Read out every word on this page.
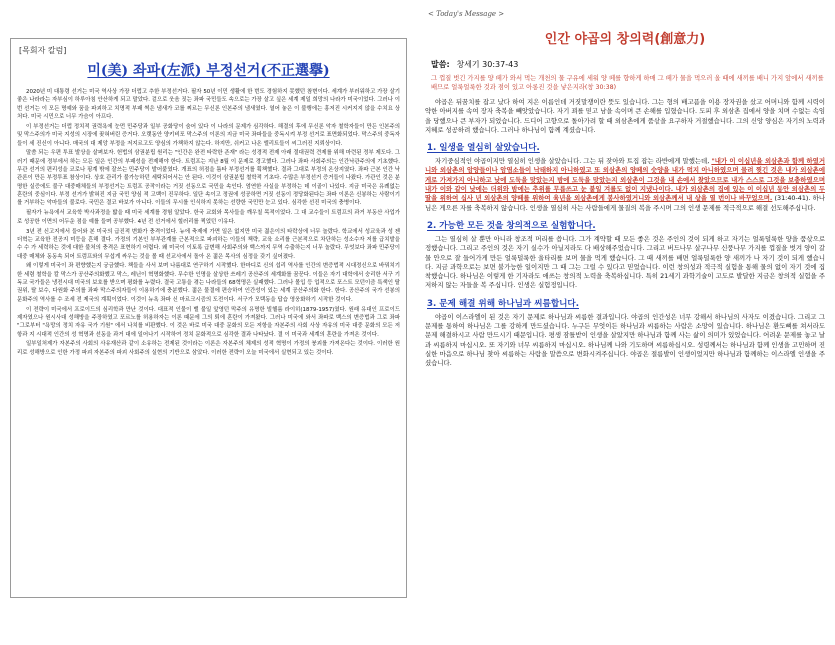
[목회자 칼럼]
미(美) 좌파(左派) 부정선거(不正選擧)

2020년 미 대통령 선거는 미국 역사상 가장 더럽고 추한 부정선거다. 필자 50년 이민 생활에 한 번도 경험하지 못했던 참변이다. 세계가 부러워하고 가장 살기 좋은 나라라는 자부심이 하루아침 안산하게 되고 말았다. 겉으로 웃음 짓는 좌파 국민들도 속으로는 가장 살고 싶은 세계 제일 희망의 나라가 미국이었다. 그러나 이번 선거는 이 모든 명예와 꿈을 파괴하고 치명적 부패 썩은 냄새가 코를 찌르는 무신론 인본주의 냄새였다. 열어 놓은 이 불행에는 흥저진 시커지지 않을 수치요 상처다. 미국 시민으로 너무 가슴이 아프다.

이 부정선거는 더럽 정치적 권력욕에 눈먼 민주당과 일부 공화당이 숨어 있다 이 나라의 문제가 심각하다. 해결의 후에 무신론 악자 철학자들이 만든 인본주의 및 막스주의가 미국 지성의 시장에 꽂혀버린 증거다. 오랫동안 양키비포 막스주의 이론의 지금 미국 좌파들을 중독시켜 부정 선거로 표면화되었다. 막스주의 중독자들이 세 진신이 아니다. 매국의 대 제앙 부정을 저지르고도 양심의 가책하지 않는다. 하지만, 쉬커고 나온 엘리트들이 씨그러진 지뢰상이다.

말씀 되는 우편 투표 발상을 살펴보자. 헌법의 삼권분립 원리는 "인간은 완전 타락한 존재" 라는 성경적 전제 아래 절대권력 견제를 위해 마련된 정부 제도다. 그러기 때문에 정부에서 하는 모든 일은 인간의 부패성을 전제해야 한다. 트럼프는 지난 8월 이 문제로 경고했다. 그러나 좌파 사회주의는 인간낙관주의에 기초했다. 무관 선거의 편리성을 코로나 핑계 밖에 잘쓰는 민주당이 발어붙였다. 개표의 허점을 틈타 부정선거를 획책했다. 결과 그대로 부정의 온상지였다. 좌파 근본 인간 낙관론이 만든 부정투표 참상이다. 상호 관리가 불가능하던 세탁되어서는 안 된다. 이것이 삼권분립 철학적 기초다. 수많은 부정선거 증거들이 나왔다. 가관인 것은 분명한 실증에도 불구 대중매체들의 부정선거는 트럼프 공작이라는 거짓 선동으로 국민을 속인다. 엄연한 사실을 부정하는 데 이골이 나있다. 지금 미국은 유례없는 혼란의 중심이다. 부정 선거가 밝혀진 지금 국민 양심 적 고백이 진무하다. 일단 속이고 정권에 성공하면 거짓 선동이 정당화된다는 좌파 이론은 신봉하는 사람이기를 거부하는 악마들의 불로다. 국민은 결코 바보가 아니다. 이들의 무시를 인식하지 못하는 선량한 국민만 눈고 있다. 심각한 선진 미국의 충병이다.

필자가 뉴욕에서 교육학 박사과정을 밟을 때 미국 세계를 경험 알았다. 한국 교회와 목사들을 깨우칠 목적이었다. 그 대 교수들이 트럼프의 과거 부동산 사업가로 성공한 이면의 어두운 점을 예를 들며 공부했다. 4년 전 선거에서 힐러리를 찍었던 이유다.

3년 전 신고지에서 들어와 본 미국의 급진적 변화가 충격이었다. 뉴에 축제에 가면 일은 없지만 미국 젊은이의 타락상에 너무 놀랐다. 학교에서 성교육과 성 젠더혁는 교육한 전공지 미등을 흔해 결다. 가정의 기본인 부부관계를 근본적으로 파괴하는 이들의 책략, 교육 소리를 근본적으로 차단하는 성소수자 저를 급치발을 수 수 가 세력하는 것에 대한 불처의 충격은 표현하기 어렵다. 왜 미국이 이토록 급변해 사회주의와 백스까지 무역 수출하는지 너무 놀랐다. 무엇보다 좌파 민주당이 대중 매체와 동동속 되어 트럼프와의 무섭게 싸우는 것을 볼 때 선교사에서 돌아 온 젊은 목사의 심정을 갖기 싶어졌다.

왜 이렇게 미국이 좌 편향했는지 궁금했다. 책들을 사서 보며 나름대로 연구하기 시작했다. 한마디로 신의 섭리 역사를 인간의 변증법적 시대정신으로 바꿔치기한 세렴 철학을 칼 막스가 공산주의화했고 막스, 레닌이 혁명화했다. 무수한 인명을 살상한 쓰레기 공산주의 세계화를 꿈꾼다. 이들은 자기 대학에서 숭리한 서구 기독교 국가들은 냉전시대 미국의 보호를 받으며 평화를 누렸다. 결국 고통을 겪는 나라들의 68혁명은 실패했다. 그러나 몰입 등 업적으로 포스트 모던이즘 특색인 탈 권위, 탈 보수, 다원화 주의를 좌파 막스주의자들이 이용하기에 충분했다. 젊은 물결에 편승하여 인간성이 있는 세계 공산주의화 한다. 한다. 공산주의 국가 선봉의 문화주의 역사를 수 조세 전 제국의 계획이었다. 이것이 뉴욕 좌파 신 마르크시즘의 도전이다. 서구가 모택동을 답습 영웅화하기 시작한 것이다.

이 전략이 미국에서 프로이드의 심리학과 만난 것이다. 대표적 인물이 밸 불일 앞영던 막주의 유명한 빌헬름 라이히(1879-1957)였다. 원래 유대인 프로이드 제자였으나 원시사대 성해방을 주장하였고 포르노를 허용하자는 이론 때문에 그의 퇴에 혼란이 가져왔다. 그러나 미국에 와서 좌파로 백스의 변증법과 그로 좌파 "그로부터 "욕망의 정치 자유 국가 기원" 에서 나치를 비판했다. 이 것은 바로 미국 대중 문화의 모든 저항을 자본주의 사회 사상 자유의 미국 대중 문화의 모든 저항과 지 시대적 인간의 성 혁명과 선동을 과거 대에 일어나기 시작하여 정치 문화적으로 심각한 결과 나타났다. 결 이 미국과 세계의 혼란을 가져온 것이다.

일부일처제가 자본주의 사회의 사유재산과 같이 소유하는 전제된 것이라는 이론은 자본주의 체제의 성적 혁명이 가정의 붕괴를 가져온다는 것이다. 이러한 원리로 성해방으로 인한 가정 파괴 자본주의 파괴 사회주의 실현의 기반으로 삼았다. 이러한 전략이 오늘 미국에서 실현되고 있는 것이다.

< Today's Message >
인간 야곱의 창의력(創意力)
말씀: 창세기 30:37-43
그 껍질 벗긴 가지를 양 떼가 와서 먹는 개천의 물 구유에 세워 양 떼를 향하게 하매 그 떼가 물을 먹으러 올 때에 새끼를 배니 가지 앞에서 새끼를 배므로 얼룩얼룩한 것과 점이 있고 아롱진 것을 낳은지라(창 30:38)

야곱은 뒤꿈치를 잡고 났다 하여 지은 이름인데 거짓말쟁이란 뜻도 있습니다. 그는 형의 배고픔을 이용 장자권을 샀고 어머니와 함께 시력이 약한 아버지를 속여 장자 축복을 빼앗았습니다. 자기 꾀를 믿고 남을 속이며 큰 손해를 입혔습니다. 도피 후 외삼촌 집에서 양을 치며 수없는 속임을 당했으나 큰 부자가 되었습니다. 드디어 고향으로 돌아가려 할 때 외삼촌에게 품삯을 요구하자 거절했습니다. 그의 신앙 양심은 자기의 노력과 지혜로 성공하려 했습니다. 그러나 하나님이 함께 계셨습니다.

1. 일생을 열심히 살았습니다.

자기중심적인 야곱이지만 열심히 인생을 살았습니다. 그는 뒤 잦아와 트집 잡는 라반에게 말했는데, "내가 이 이십년을 외삼촌과 함께 하였거니와 외삼촌의 암양들이나 암염소들이 낙태하지 아니하였고 또 외삼촌의 양떼의 숫양을 내가 먹지 아니하였으며 물려 찢긴 것은 내가 외삼촌에게로 가져가지 아니하고 낮에 도둑을 맞았는지 밤에 도둑을 맞았는지 외삼촌이 그것을 내 손에서 찾았으므로 내가 스스로 그것을 보충하였으며 내가 이와 같이 낮에는 더위와 밤에는 추위를 무릅쓰고 눈 붙일 겨를도 없이 지냈나이다. 내가 외삼촌의 집에 있는 이 이십년 동안 외삼촌의 두 딸을 위하여 십사 년 외삼촌의 양떼를 위하여 육년을 외삼촌에게 봉사하였거니와 외삼촌께서 내 삯을 열 번이나 바꾸었으며. (31:40-41). 하나님은 게으른 자를 축복하지 않습니다. 인생을 열심히 사는 사람들에게 물질의 복을 주시며 그의 인생 문제를 적극적으로 해결 선도해주십니다.

2. 가능한 모든 것을 창의적으로 실험합니다.

그는 열심히 살 뿐만 아니라 창조적 머리를 씁니다. 그가 계약할 때 모든 좋은 것은 주인의 것이 되게 하고 자기는 얼룩덜룩한 양을 품삯으로 정했습니다. 그리고 주인의 것은 자기 실수가 아닐지라도 다 배상해주었습니다. 그리고 버드나무 살구나무 신풍나무 가지를 껍질을 벗겨 양이 갈물 안으로 잘 들어가게 만든 얼룩덜룩한 울타리를 보며 물을 먹게 했습니다. 그 때 새끼를 배면 얼룩덜룩한 양 새끼가 나 자기 것이 되게 했습니다. 지금 과학으로는 보면 불가능한 일이지만 그 때 그는 그럴 수 있다고 믿었습니다. 이런 창의성과 적극적 실험을 통해 물의 없이 자기 것에 집착했습니다. 하나님은 이렇게 한 기자라도 애쓰는 창의적 노력을 축복하십니다. 특히 21세기 과학기술이 고도로 발달한 지금은 창의적 실험을 주저하지 않는 자들을 복 주십니다. 인생은 실험정입니다.

3. 문제 해결 위해 하나님과 씨름합니다.

야곱이 이스라엘이 된 것은 자기 문제로 하나님과 씨름한 결과입니다. 야곱의 인간성은 너무 강해서 하나님의 사자도 이겼습니다. 그리고 그 문제를 통하여 하나님은 그를 강하게 만드셨습니다. 누구든 무엇이든 하나님과 씨름하는 사람은 소망이 있습니다. 하나님은 환도뼈를 쳐서라도 문제 해결하시고 사람 만드시기 때문입니다. 평생 잠틀받이 인생을 살았지만 하나님과 함께 사는 삶이 의미가 있었습니다. 어려운 문제를 놓고 날과 씨름하지 마십시오. 또 자기와 너무 씨름하지 마십시오. 하나님께 나와 기도하며 씨름하십시오. 성령께서는 하나님과 함께 인생을 고민하며 진실한 마음으로 하나님 찾아 씨름하는 사람을 말씀으로 변화시켜주십니다. 야곱은 절름발이 인생이었지만 하나님과 함께하는 이스라엘 인생을 주셨습니다.
